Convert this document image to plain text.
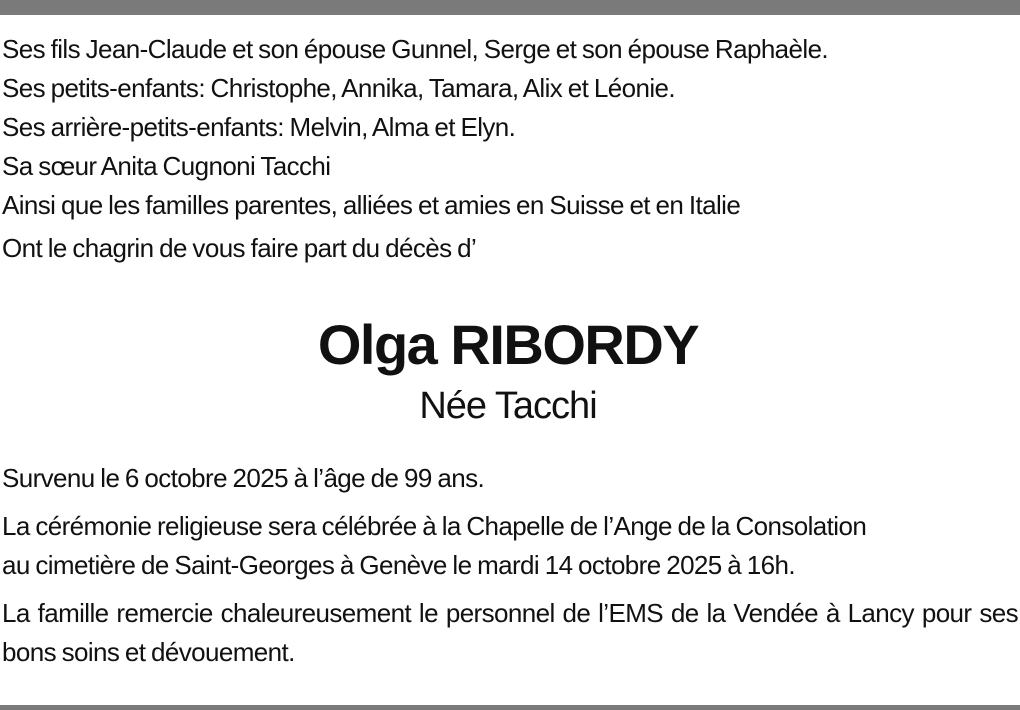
Ses fils Jean-Claude et son épouse Gunnel, Serge et son épouse Raphaèle.
Ses petits-enfants: Christophe, Annika, Tamara, Alix et Léonie.
Ses arrière-petits-enfants: Melvin, Alma et Elyn.
Sa sœur Anita Cugnoni Tacchi
Ainsi que les familles parentes, alliées et amies en Suisse et en Italie
Ont le chagrin de vous faire part du décès d’
Olga RIBORDY
Née Tacchi
Survenu le 6 octobre 2025 à l’âge de 99 ans.
La cérémonie religieuse sera célébrée à la Chapelle de l’Ange de la Consolation
au cimetière de Saint-Georges à Genève le mardi 14 octobre 2025 à 16h.
La famille remercie chaleureusement le personnel de l’EMS de la Vendée à Lancy pour ses bons soins et dévouement.
